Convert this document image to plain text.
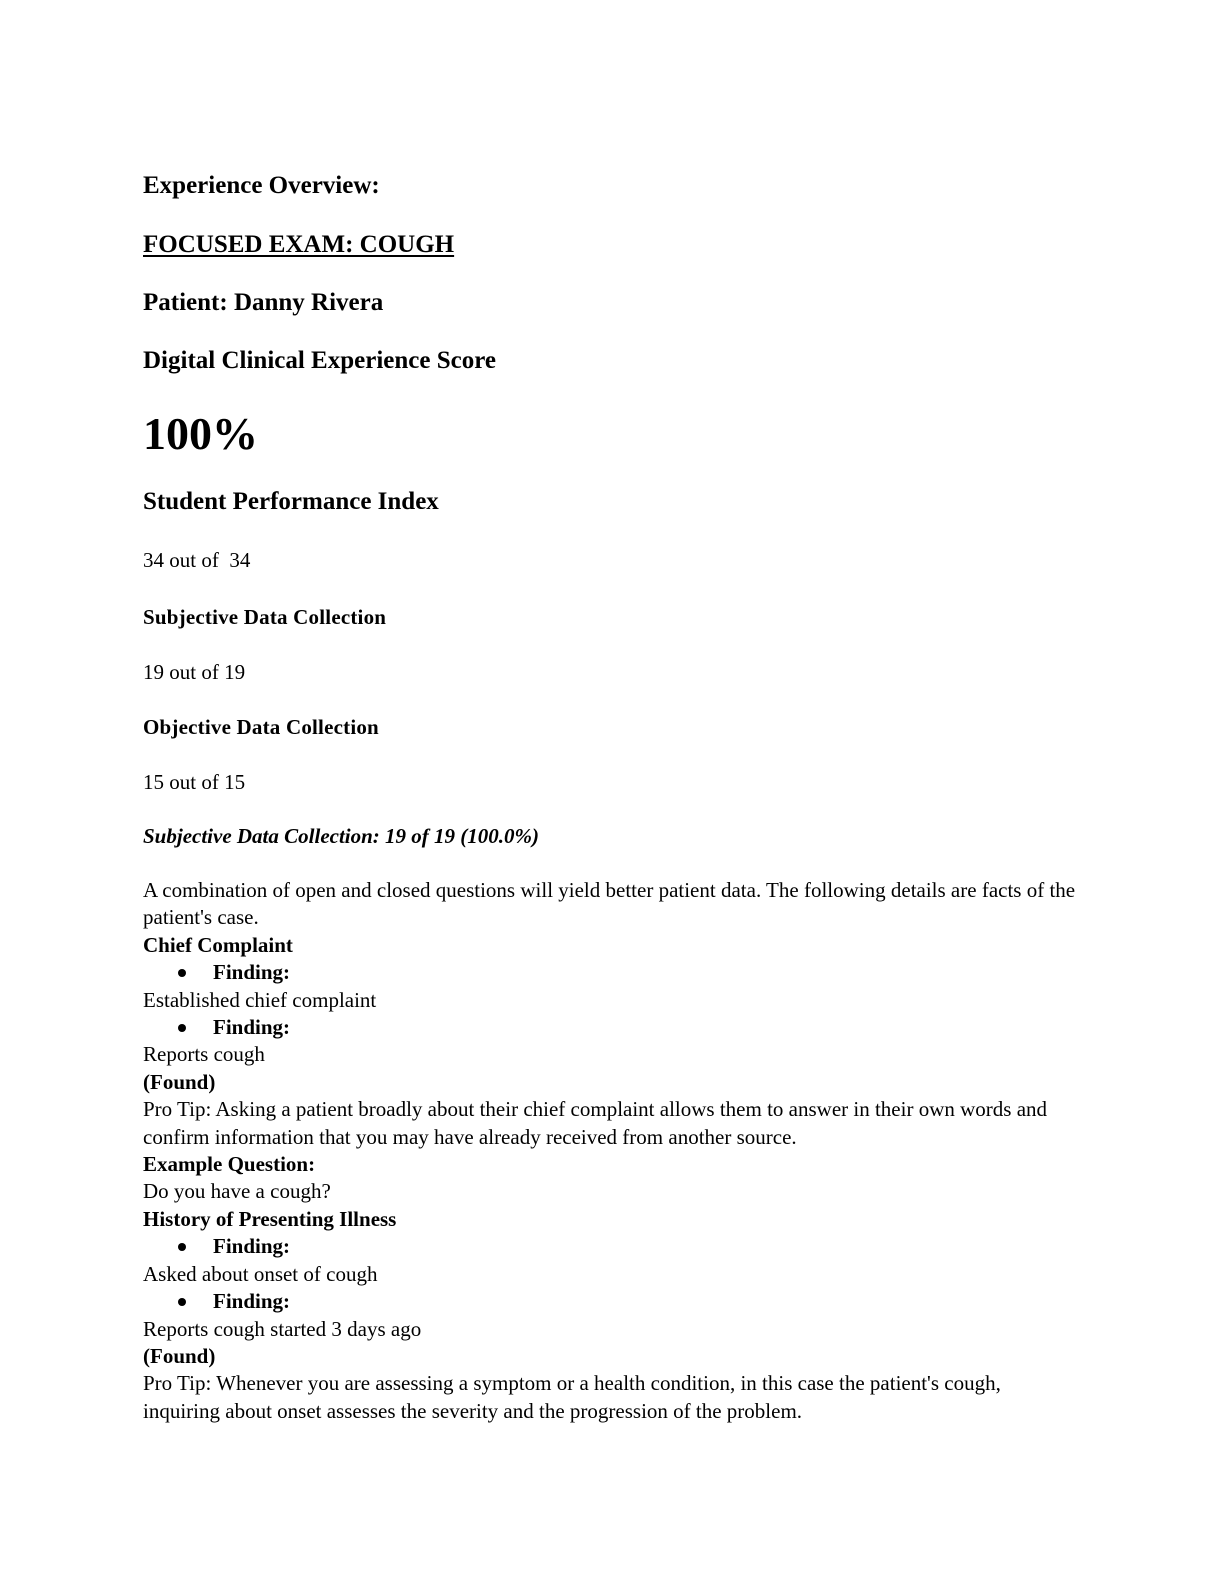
Experience Overview:
FOCUSED EXAM: COUGH
Patient: Danny Rivera
Digital Clinical Experience Score
100%
Student Performance Index
34 out of  34
Subjective Data Collection
19 out of 19
Objective Data Collection
15 out of 15
Subjective Data Collection: 19 of 19 (100.0%)
A combination of open and closed questions will yield better patient data. The following details are facts of the patient's case.
Chief Complaint
Finding:
Established chief complaint
Finding:
Reports cough
(Found)
Pro Tip: Asking a patient broadly about their chief complaint allows them to answer in their own words and confirm information that you may have already received from another source.
Example Question:
Do you have a cough?
History of Presenting Illness
Finding:
Asked about onset of cough
Finding:
Reports cough started 3 days ago
(Found)
Pro Tip: Whenever you are assessing a symptom or a health condition, in this case the patient's cough, inquiring about onset assesses the severity and the progression of the problem.
